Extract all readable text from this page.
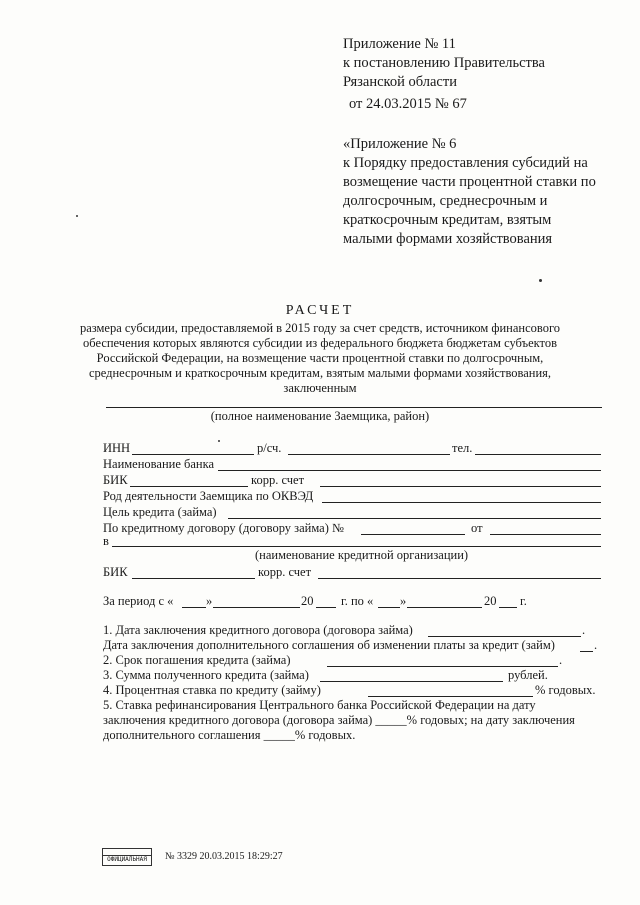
Приложение № 11
к постановлению Правительства
Рязанской области
от 24.03.2015 № 67
«Приложение № 6
к Порядку предоставления субсидий на
возмещение части процентной ставки по
долгосрочным, среднесрочным и
краткосрочным кредитам, взятым
малыми формами хозяйствования
РАСЧЕТ
размера субсидии, предоставляемой в 2015 году за счет средств, источником финансового
обеспечения которых являются субсидии из федерального бюджета бюджетам субъектов
Российской Федерации, на возмещение части процентной ставки по долгосрочным,
среднесрочным и краткосрочным кредитам, взятым малыми формами хозяйствования,
заключенным
(полное наименование Заемщика, район)
ИНН	р/сч.	тел.
Наименование банка
БИК	корр. счет
Род деятельности Заемщика по ОКВЭД
Цель кредита (займа)
По кредитному договору (договору займа) №	от
в
(наименование кредитной организации)
БИК	корр. счет
За период с «	»	20 г. по « »	20 г.
1. Дата заключения кредитного договора (договора займа)	.
Дата заключения дополнительного соглашения об изменении платы за кредит (займ)	.
2. Срок погашения кредита (займа)	.
3. Сумма полученного кредита (займа)	рублей.
4. Процентная ставка по кредиту (займу)	% годовых.
5. Ставка рефинансирования Центрального банка Российской Федерации на дату
заключения кредитного договора (договора займа) _____% годовых; на дату заключения
дополнительного соглашения _____% годовых.
ОФИЦИАЛЬНАЯ	№ 3329 20.03.2015 18:29:27
